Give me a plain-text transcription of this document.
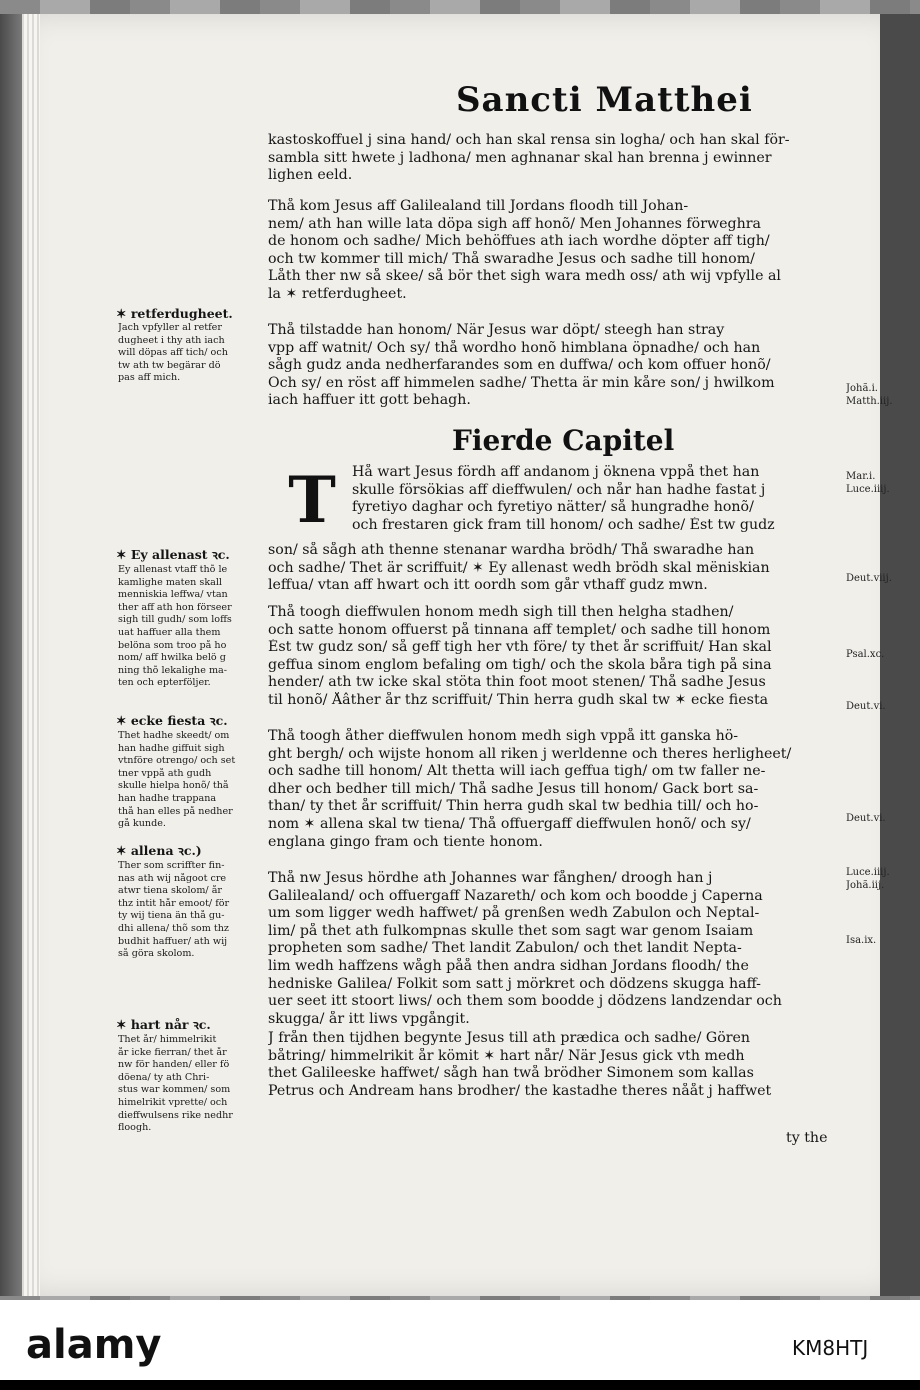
Sancti Matthei
kastoskoffuel j sina hand/ och han skal rensa sin logha/ och han skal för-
sambla sitt hwete j ladhona/ men aghnanar skal han brenna j ewinner
lighen eeld.
Thå kom Jesus aff Galilealand till Jordans floodh till Johan-
nem/ ath han wille lata döpa sigh aff honõ/ Men Johannes förweghra
de honom och sadhe/ Mich behöffues ath iach wordhe döpter aff tigh/
och tw kommer till mich/ Thå swaradhe Jesus och sadhe till honom/
Låth ther nw så skee/ så bör thet sigh wara medh oss/ ath wij vpfylle al
la ✶ retferdugheet.
Thå tilstadde han honom/ När Jesus war döpt/ steegh han stray
vpp aff watnit/ Och sy/ thå wordho honõ himblana öpnadhe/ och han
sågh gudz anda nedherfarandes som en duffwa/ och kom offuer honõ/
Och sy/ en röst aff himmelen sadhe/ Thetta är min kåre son/ j hwilkom
iach haffuer itt gott behagh.
Fierde Capitel
T	Hå wart Jesus fördh aff andanom j öknena vppå thet han
skulle försökias aff dieffwulen/ och når han hadhe fastat j
fyretiyo daghar och fyretiyo nätter/ så hungradhe honõ/
och frestaren gick fram till honom/ och sadhe/ Ést tw gudz
son/ så sågh ath thenne stenanar wardha brödh/ Thå swaradhe han
och sadhe/ Thet är scriffuit/ ✶ Ey allenast wedh brödh skal mëniskian
leffua/ vtan aff hwart och itt oordh som går vthaff gudz mwn.
Thå toogh dieffwulen honom medh sigh till then helgha stadhen/
och satte honom offuerst på tinnana aff templet/ och sadhe till honom
Ést tw gudz son/ så geff tigh her vth före/ ty thet år scriffuit/ Han skal
geffua sinom englom befaling om tigh/ och the skola båra tigh på sina
hender/ ath tw icke skal stöta thin foot moot stenen/ Thå sadhe Jesus
til honõ/ Åâther år thz scriffuit/ Thin herra gudh skal tw ✶ ecke fiesta
Thå toogh åther dieffwulen honom medh sigh vppå itt ganska hö-
ght bergh/ och wijste honom all riken j werldenne och theres herligheet/
och sadhe till honom/ Alt thetta will iach geffua tigh/ om tw faller ne-
dher och bedher till mich/ Thå sadhe Jesus till honom/ Gack bort sa-
than/ ty thet år scriffuit/ Thin herra gudh skal tw bedhia till/ och ho-
nom ✶ allena skal tw tiena/ Thå offuergaff dieffwulen honõ/ och sy/
englana gingo fram och tiente honom.
Thå nw Jesus hördhe ath Johannes war fånghen/ droogh han j
Galilealand/ och offuergaff Nazareth/ och kom och boodde j Caperna
um som ligger wedh haffwet/ på grenßen wedh Zabulon och Neptal-
lim/ på thet ath fulkompnas skulle thet som sagt war genom Isaiam
propheten som sadhe/ Thet landit Zabulon/ och thet landit Nepta-
lim wedh haffzens wågh påå then andra sidhan Jordans floodh/ the
hedniske Galilea/ Folkit som satt j mörkret och dödzens skugga haff-
uer seet itt stoort liws/ och them som boodde j dödzens landzendar och
skugga/ år itt liws vpgångit.
J från then tijdhen begynte Jesus till ath prædica och sadhe/ Gören
båtring/ himmelrikit år kömit ✶ hart når/ När Jesus gick vth medh
thet Galileeske haffwet/ sågh han twå brödher Simonem som kallas
Petrus och Andream hans brodher/ the kastadhe theres nååt j haffwet
ty the
Johã.i.
Matth.iij.
Mar.i.
Luce.iiij.
Deut.viij.
Psal.xc.
Deut.vi.
Deut.vi.
Luce.iiij.
Johã.iij.
Isa.ix.
✶ retferdugheet.
Jach vpfyller al retfer
dugheet i thy ath iach
will döpas aff tich/ och
tw ath tw begärar dö
pas aff mich.
✶ Ey allenast ꝛc.
Ey allenast vtaff thõ le
kamlighe maten skall
menniskia leffwa/ vtan
ther aff ath hon förseer
sigh till gudh/ som loffs
uat haffuer alla them
belöna som troo på ho
nom/ aff hwilka belö g
ning thõ lekalighe ma-
ten och epterföljer.
✶ ecke fiesta ꝛc.
Thet hadhe skeedt/ om
han hadhe giffuit sigh
vtnföre otrengo/ och set
tner vppå ath gudh
skulle hielpa honõ/ thå
han hadhe trappana
thå han elles på nedher
gå kunde.
✶ allena ꝛc.)
Ther som scriffter fin-
nas ath wij någoot cre
atwr tiena skolom/ år
thz intit hår emoot/ för
ty wij tiena än thå gu-
dhi allena/ thõ som thz
budhit haffuer/ ath wij
så göra skolom.
✶ hart når ꝛc.
Thet år/ himmelrikit
år icke fierran/ thet år
nw för handen/ eller fö
döena/ ty ath Chri-
stus war kommen/ som
himelrikit vprette/ och
dieffwulsens rike nedhr
floogh.
alamy	KM8HTJ
